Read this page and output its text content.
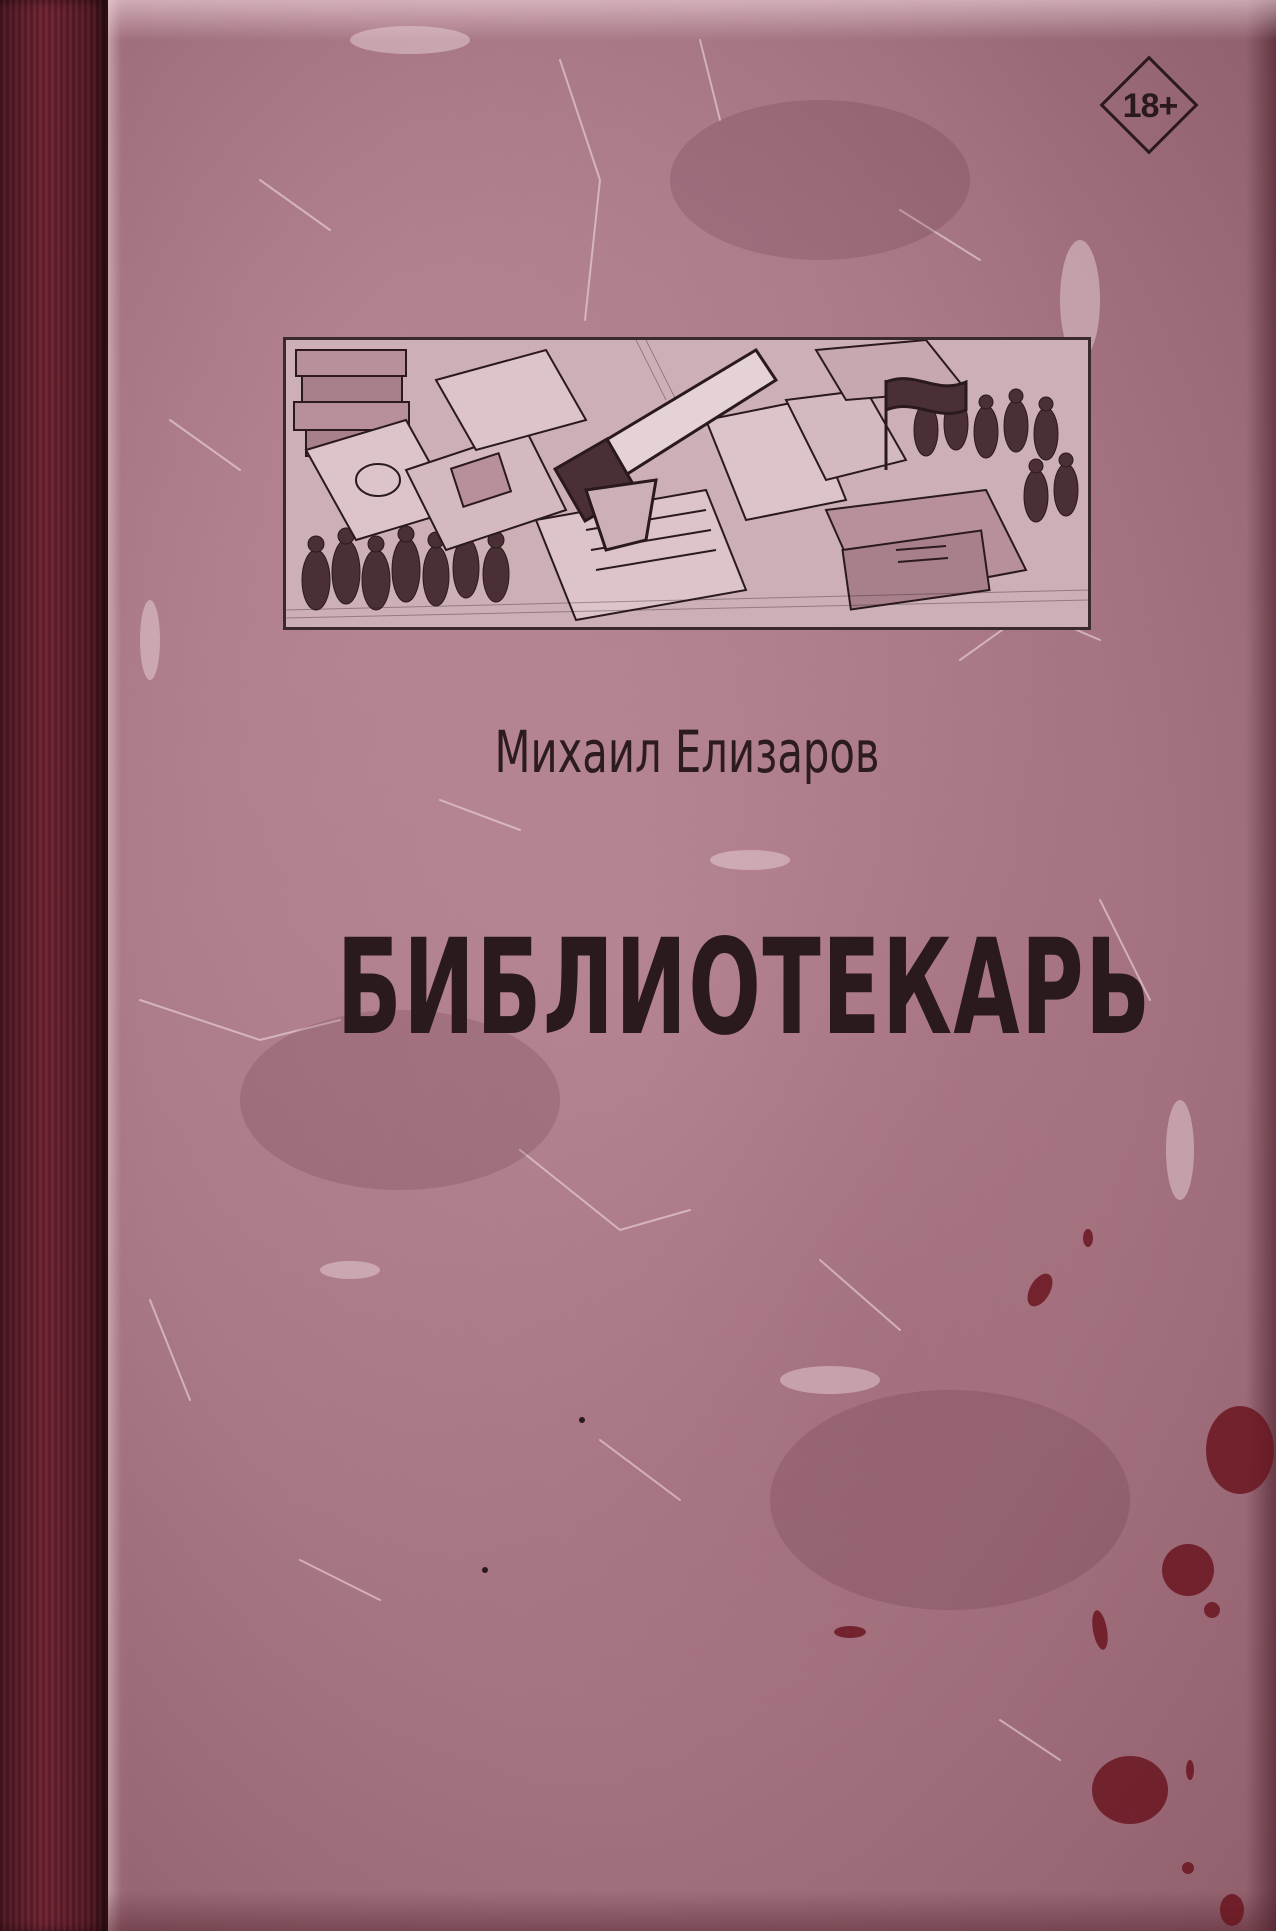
18+
Михаил Елизаров
БИБЛИОТЕКАРЬ
